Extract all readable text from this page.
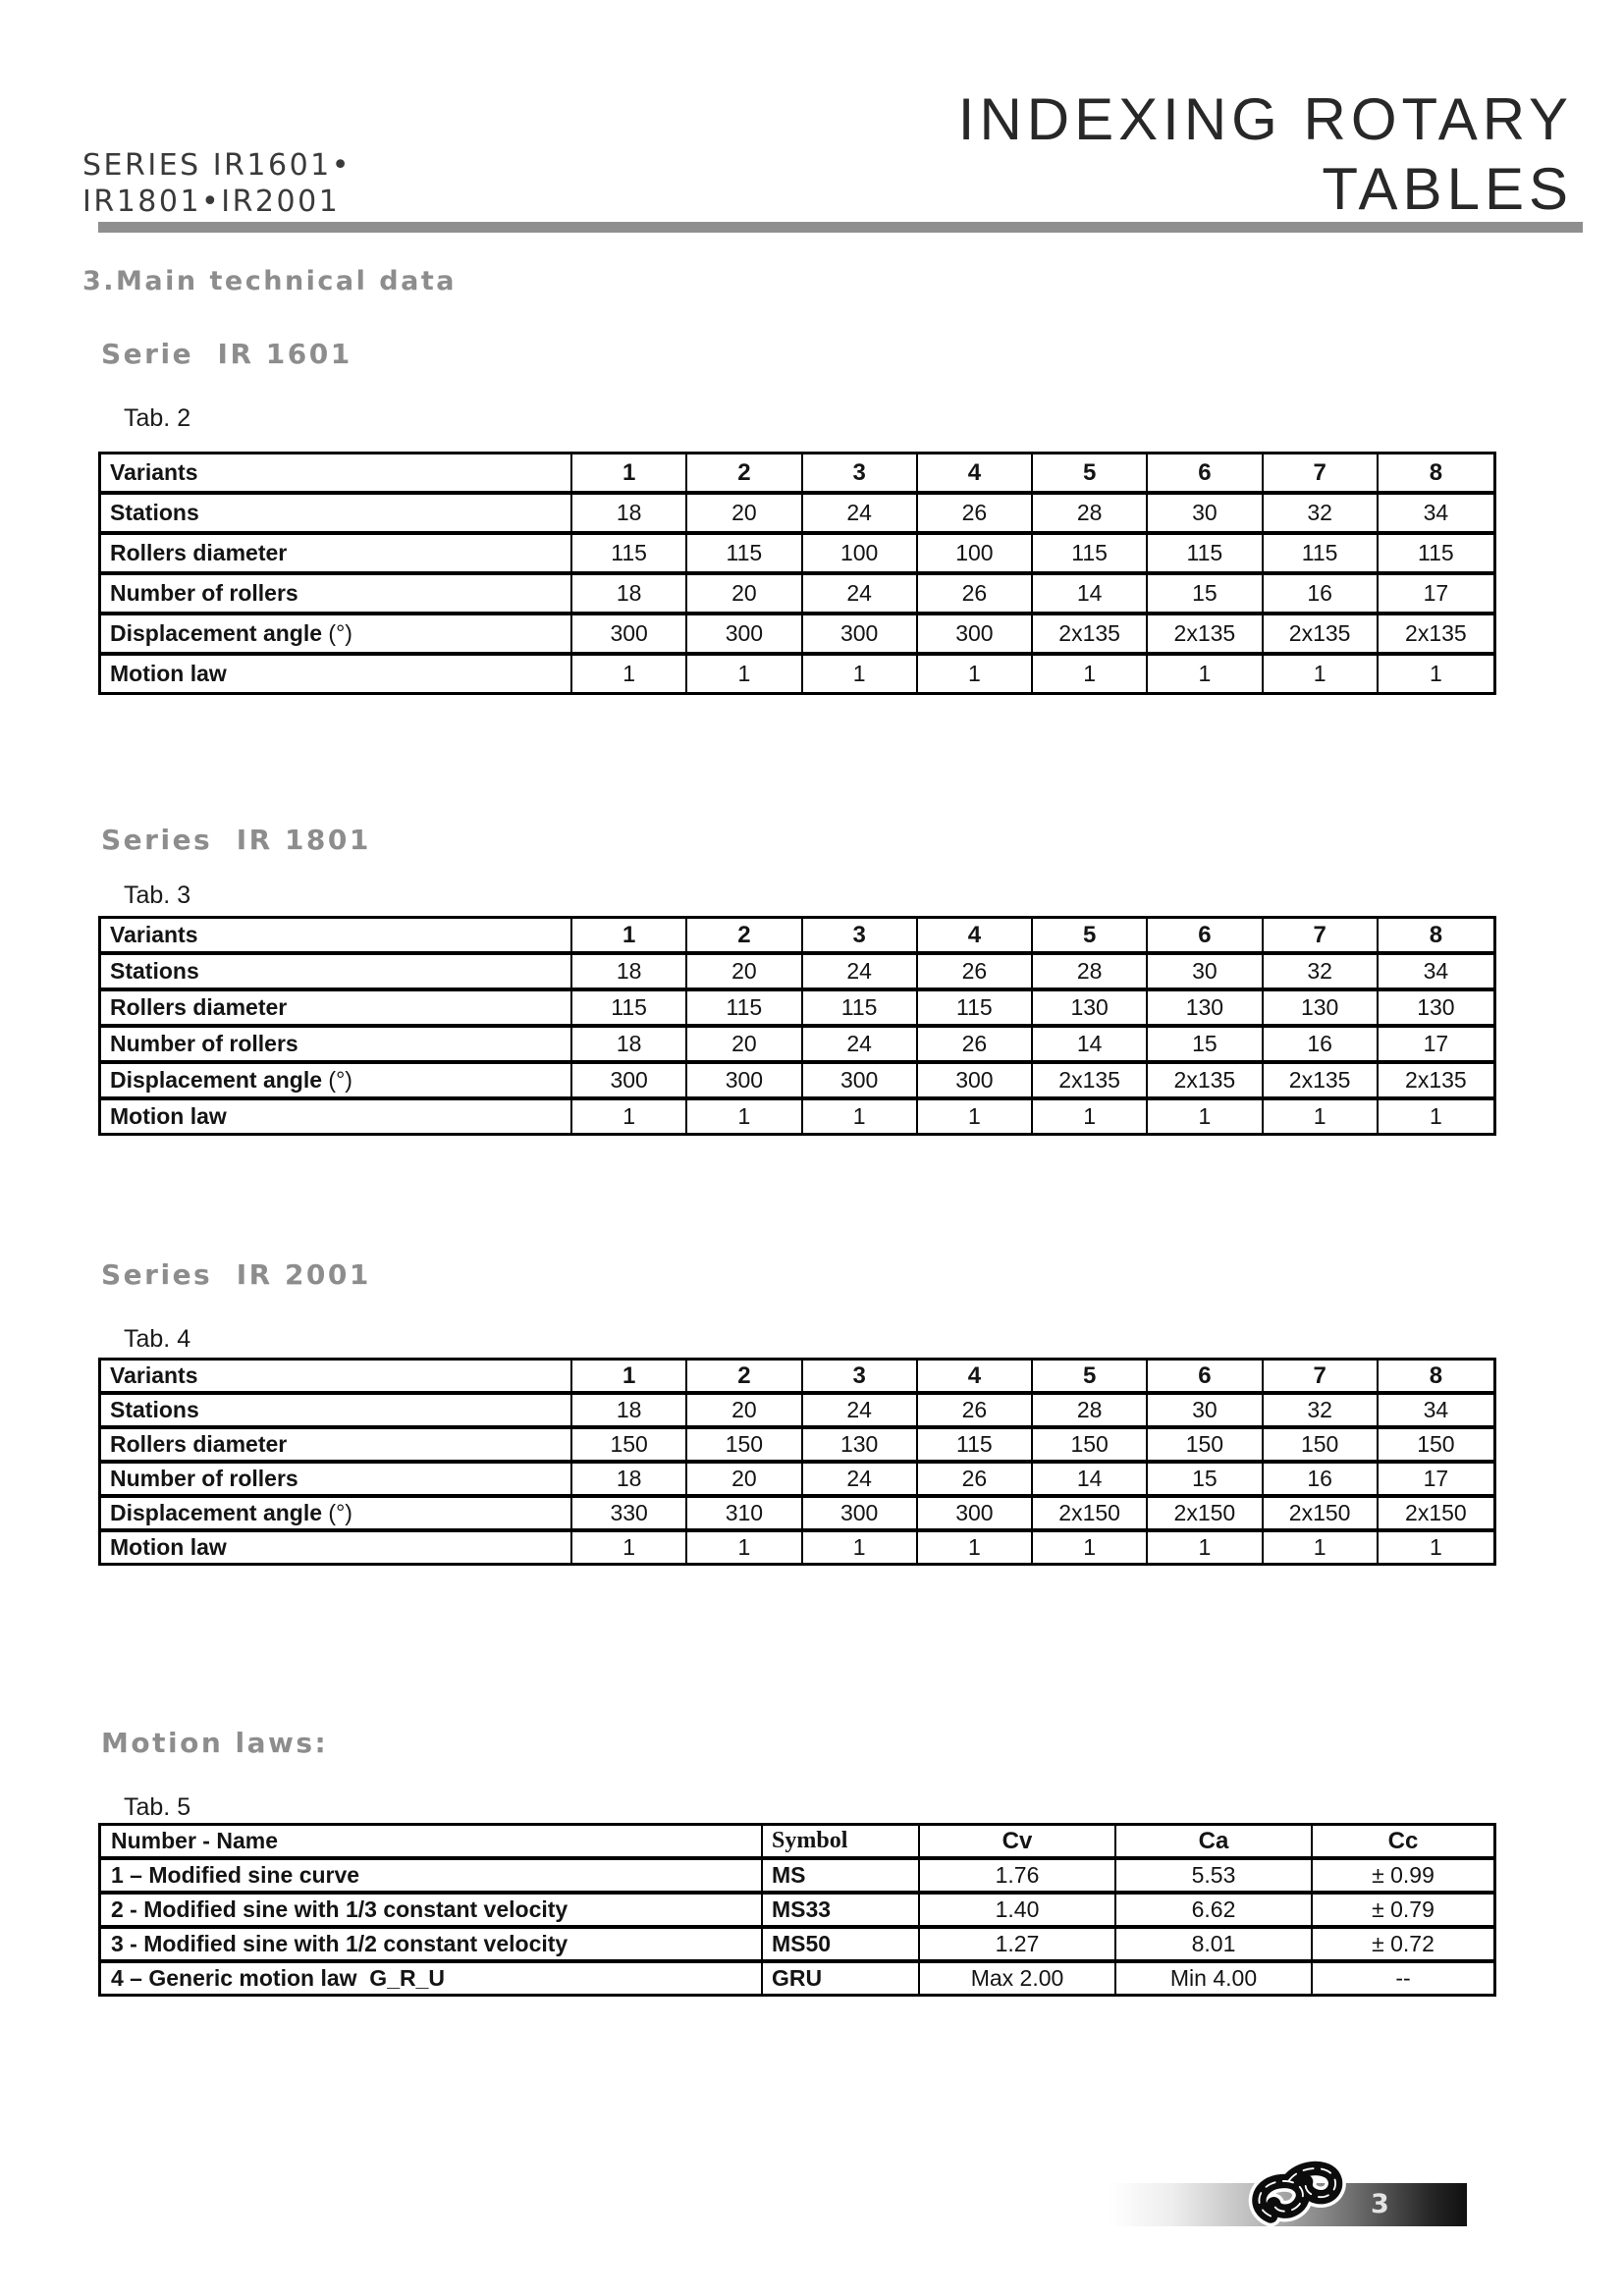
SERIES IR1601•
IR1801•IR2001
INDEXING ROTARY
TABLES
3.Main technical data
Serie  IR 1601
Tab. 2
Variants	1	2	3	4	5	6	7	8
Stations	18	20	24	26	28	30	32	34
Rollers diameter	115	115	100	100	115	115	115	115
Number of rollers	18	20	24	26	14	15	16	17
Displacement angle (°)	300	300	300	300	2x135	2x135	2x135	2x135
Motion law	1	1	1	1	1	1	1	1
Series  IR 1801
Tab. 3
Variants	1	2	3	4	5	6	7	8
Stations	18	20	24	26	28	30	32	34
Rollers diameter	115	115	115	115	130	130	130	130
Number of rollers	18	20	24	26	14	15	16	17
Displacement angle (°)	300	300	300	300	2x135	2x135	2x135	2x135
Motion law	1	1	1	1	1	1	1	1
Series  IR 2001
Tab. 4
Variants	1	2	3	4	5	6	7	8
Stations	18	20	24	26	28	30	32	34
Rollers diameter	150	150	130	115	150	150	150	150
Number of rollers	18	20	24	26	14	15	16	17
Displacement angle (°)	330	310	300	300	2x150	2x150	2x150	2x150
Motion law	1	1	1	1	1	1	1	1
Motion laws:
Tab. 5
Number - Name	Symbol	Cv	Ca	Cc
1 – Modified sine curve	MS	1.76	5.53	± 0.99
2 - Modified sine with 1/3 constant velocity	MS33	1.40	6.62	± 0.79
3 - Modified sine with 1/2 constant velocity	MS50	1.27	8.01	± 0.72
4 – Generic motion law  G_R_U	GRU	Max 2.00	Min 4.00	--
3
